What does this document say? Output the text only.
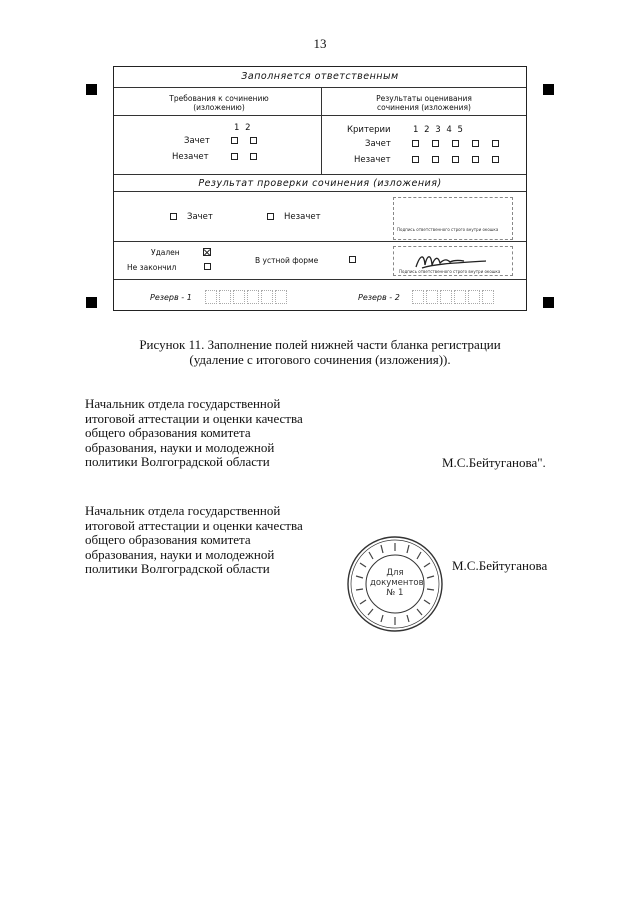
13
Заполняется ответственным
Требования к сочинению (изложению)
Результаты оценивания сочинения (изложения)
1 2
Зачет
Незачет
Критерии	1 2 3 4 5
Зачет
Незачет
Результат проверки сочинения (изложения)
Зачет	Незачет
Подпись ответственного строго внутри окошка
Удален
Не закончил
В устной форме
Подпись ответственного строго внутри окошка
Резерв - 1	Резерв - 2
Рисунок 11. Заполнение полей нижней части бланка регистрации
(удаление с итогового сочинения (изложения)).
Начальник отдела государственной
итоговой аттестации и оценки качества
общего образования комитета
образования, науки и молодежной
политики Волгоградской области	М.С.Бейтуганова".
Начальник отдела государственной
итоговой аттестации и оценки качества
общего образования комитета
образования, науки и молодежной
политики Волгоградской области	М.С.Бейтуганова
Для
документов
№ 1
